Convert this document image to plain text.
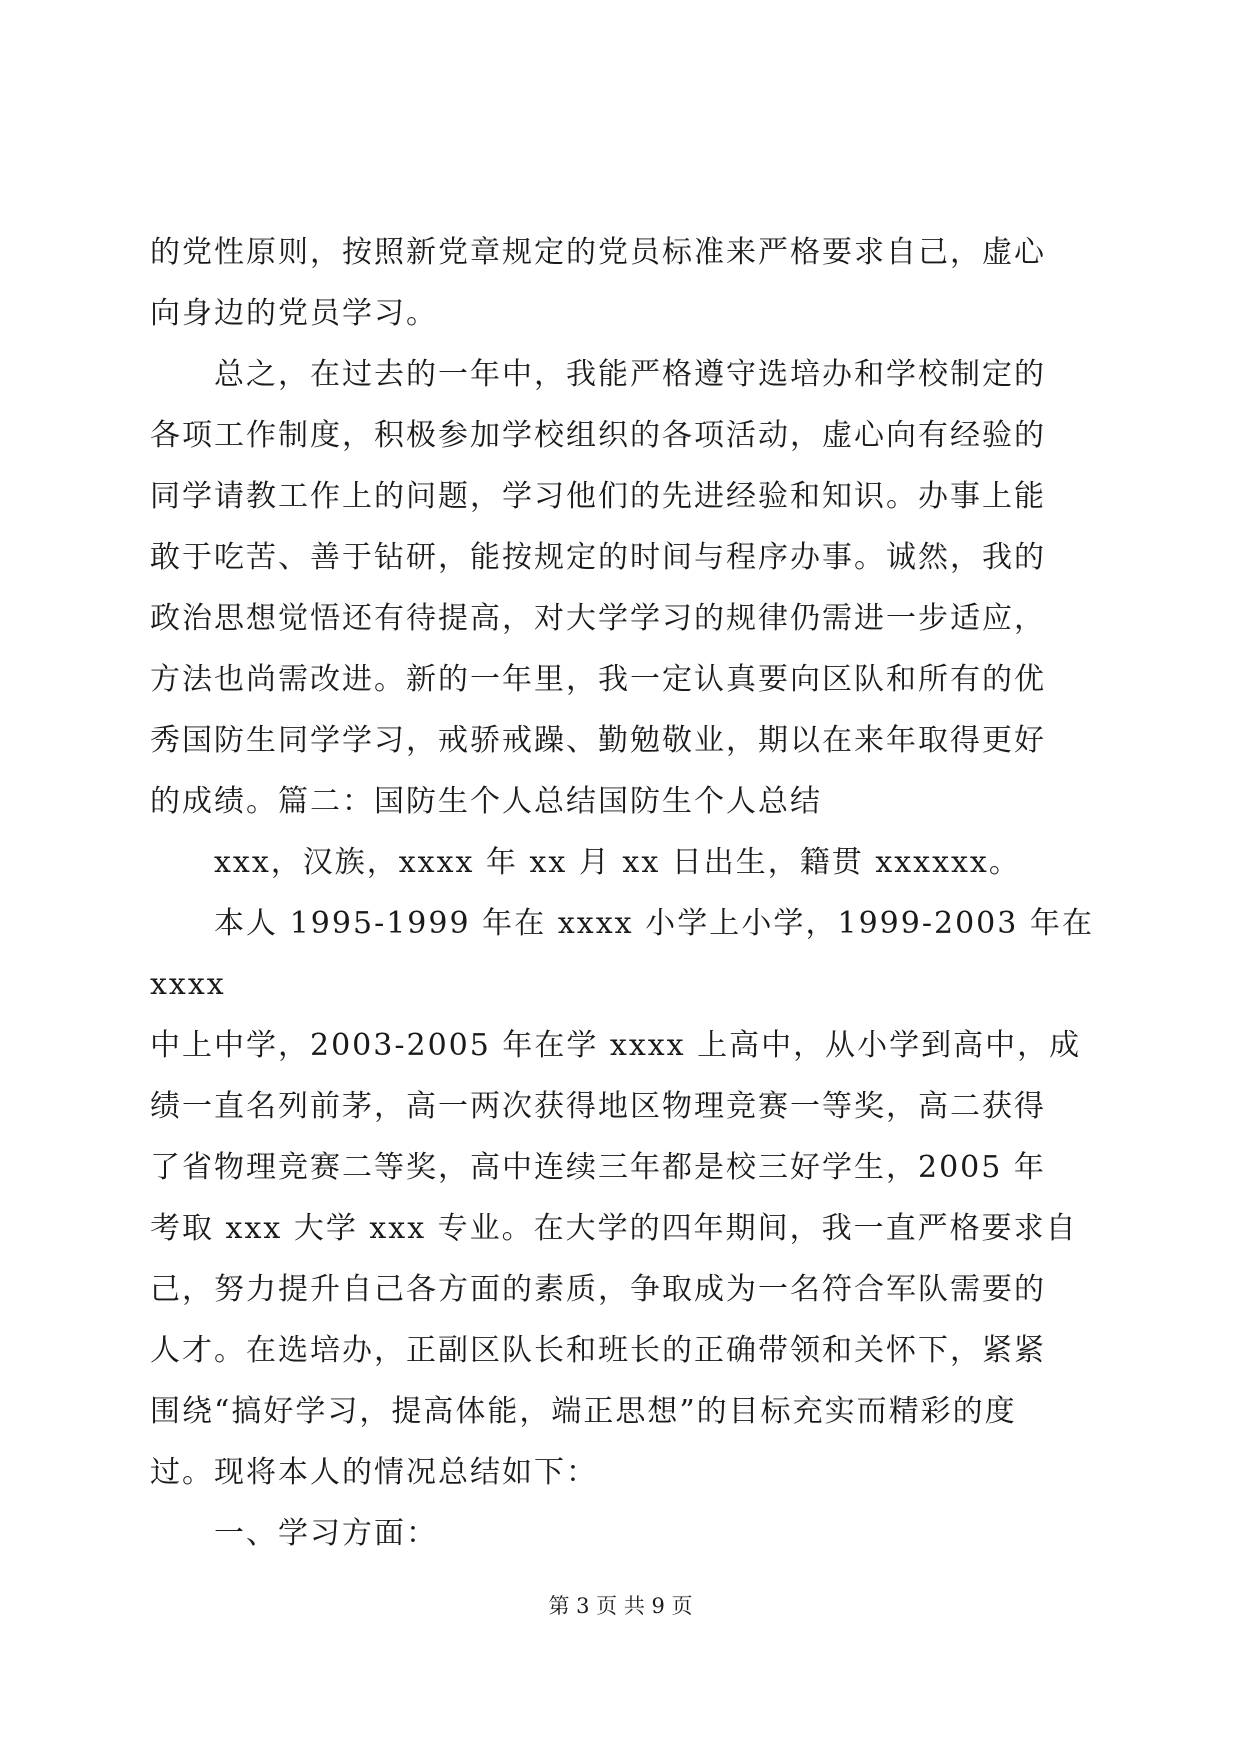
的党性原则，按照新党章规定的党员标准来严格要求自己，虚心
向身边的党员学习。

总之，在过去的一年中，我能严格遵守选培办和学校制定的
各项工作制度，积极参加学校组织的各项活动，虚心向有经验的
同学请教工作上的问题，学习他们的先进经验和知识。办事上能
敢于吃苦、善于钻研，能按规定的时间与程序办事。诚然，我的
政治思想觉悟还有待提高，对大学学习的规律仍需进一步适应，
方法也尚需改进。新的一年里，我一定认真要向区队和所有的优
秀国防生同学学习，戒骄戒躁、勤勉敬业，期以在来年取得更好
的成绩。篇二：国防生个人总结国防生个人总结

xxx，汉族，xxxx 年 xx 月 xx 日出生，籍贯 xxxxxx。

本人 1995-1999 年在 xxxx 小学上小学，1999-2003 年在 xxxx
中上中学，2003-2005 年在学 xxxx 上高中，从小学到高中，成
绩一直名列前茅，高一两次获得地区物理竞赛一等奖，高二获得
了省物理竞赛二等奖，高中连续三年都是校三好学生，2005 年
考取 xxx 大学 xxx 专业。在大学的四年期间，我一直严格要求自
己，努力提升自己各方面的素质，争取成为一名符合军队需要的
人才。在选培办，正副区队长和班长的正确带领和关怀下，紧紧
围绕“搞好学习，提高体能，端正思想”的目标充实而精彩的度
过。现将本人的情况总结如下：

一、学习方面：

第 3 页 共 9 页
